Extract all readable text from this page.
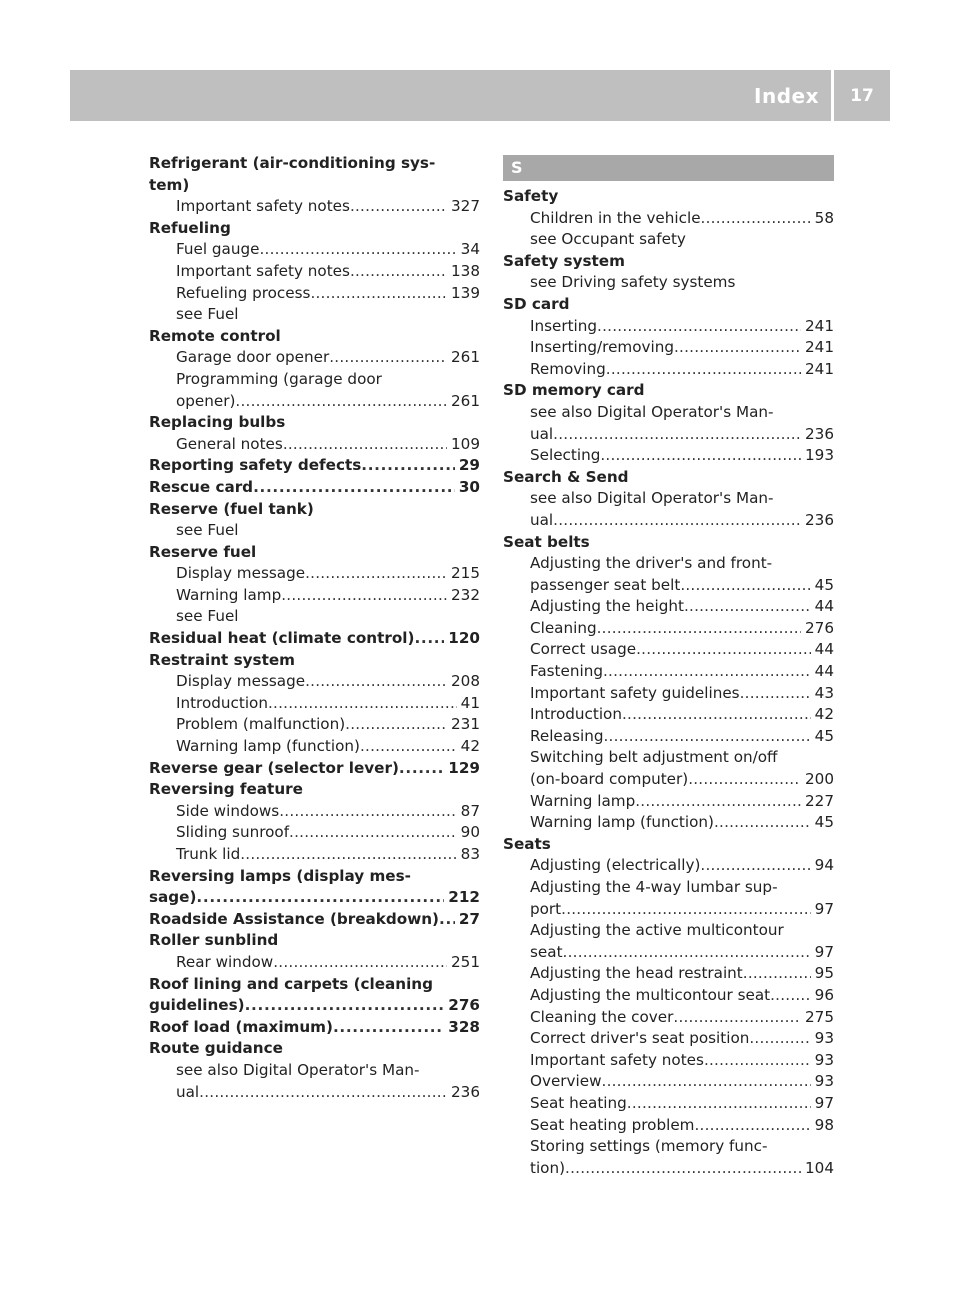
Index	17
Refrigerant (air-conditioning sys-
tem)
Important safety notes . . .	327
Refueling
Fuel gauge . . .	34
Important safety notes . . .	138
Refueling process . . .	139
see Fuel
Remote control
Garage door opener . . .	261
Programming (garage door
opener) . . .	261
Replacing bulbs
General notes . . .	109
Reporting safety defects . . .	29
Rescue card . . .	30
Reserve (fuel tank)
see Fuel
Reserve fuel
Display message . . .	215
Warning lamp . . .	232
see Fuel
Residual heat (climate control) . . . 120
Restraint system
Display message . . .	208
Introduction . . .	41
Problem (malfunction) . . .	231
Warning lamp (function) . . .	42
Reverse gear (selector lever) . . .	129
Reversing feature
Side windows . . .	87
Sliding sunroof . . .	90
Trunk lid . . .	83
Reversing lamps (display mes-
sage) . . .	212
Roadside Assistance (breakdown) . . . 27
Roller sunblind
Rear window . . .	251
Roof lining and carpets (cleaning
guidelines) . . .	276
Roof load (maximum) . . .	328
Route guidance
see also Digital Operator's Man-
ual . . .	236
S
Safety
Children in the vehicle . . .	58
see Occupant safety
Safety system
see Driving safety systems
SD card
Inserting . . .	241
Inserting/removing . . .	241
Removing . . .	241
SD memory card
see also Digital Operator's Man-
ual . . .	236
Selecting . . .	193
Search & Send
see also Digital Operator's Man-
ual . . .	236
Seat belts
Adjusting the driver's and front-
passenger seat belt . . .	45
Adjusting the height . . .	44
Cleaning . . .	276
Correct usage . . .	44
Fastening . . .	44
Important safety guidelines . . .	43
Introduction . . .	42
Releasing . . .	45
Switching belt adjustment on/off
(on-board computer) . . .	200
Warning lamp . . .	227
Warning lamp (function) . . .	45
Seats
Adjusting (electrically) . . .	94
Adjusting the 4-way lumbar sup-
port . . .	97
Adjusting the active multicontour
seat . . .	97
Adjusting the head restraint . . .	95
Adjusting the multicontour seat . . .	96
Cleaning the cover . . .	275
Correct driver's seat position . . .	93
Important safety notes . . .	93
Overview . . .	93
Seat heating . . .	97
Seat heating problem . . .	98
Storing settings (memory func-
tion) . . .	104
